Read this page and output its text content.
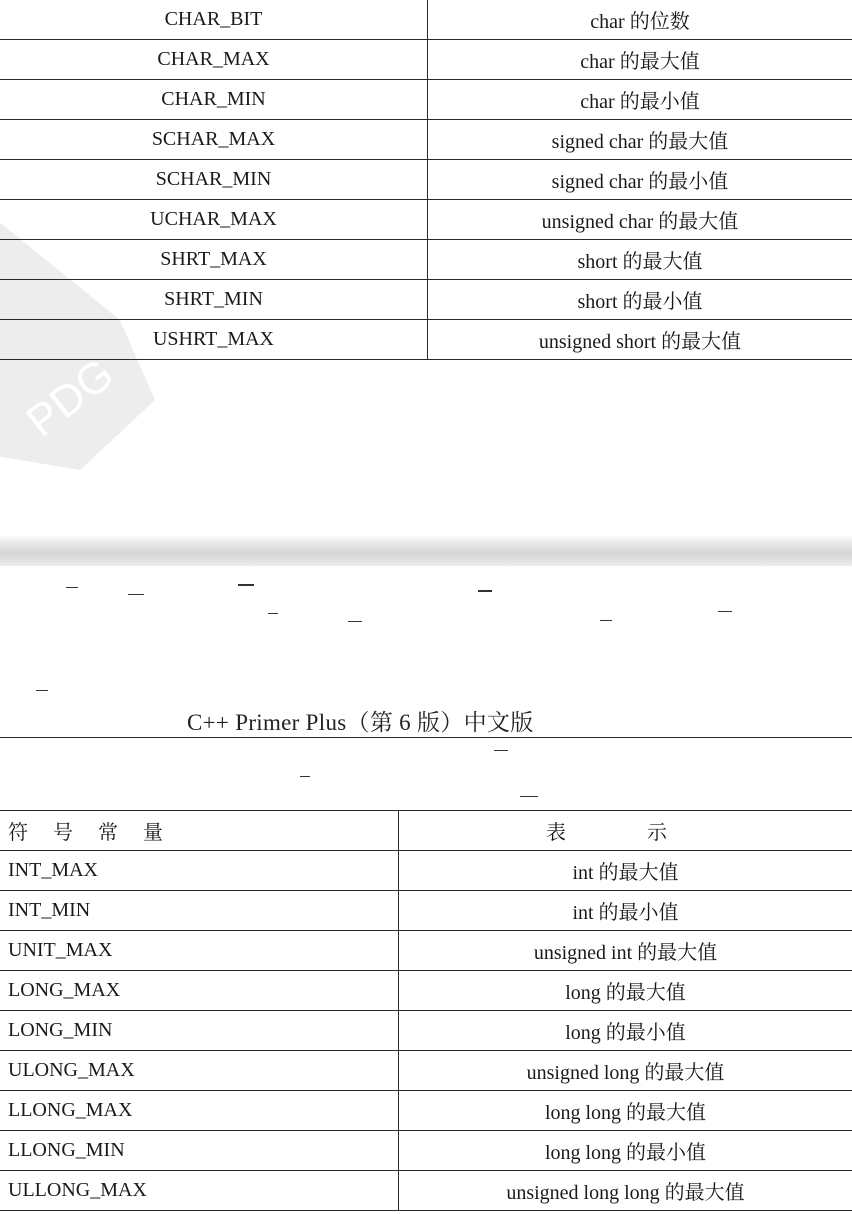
PDG
CHAR_BIT	char 的位数
CHAR_MAX	char 的最大值
CHAR_MIN	char 的最小值
SCHAR_MAX	signed char 的最大值
SCHAR_MIN	signed char 的最小值
UCHAR_MAX	unsigned char 的最大值
SHRT_MAX	short 的最大值
SHRT_MIN	short 的最小值
USHRT_MAX	unsigned short 的最大值
C++ Primer Plus（第 6 版）中文版
符 号 常 量	表 示
INT_MAX	int 的最大值
INT_MIN	int 的最小值
UNIT_MAX	unsigned int 的最大值
LONG_MAX	long 的最大值
LONG_MIN	long 的最小值
ULONG_MAX	unsigned long 的最大值
LLONG_MAX	long long 的最大值
LLONG_MIN	long long 的最小值
ULLONG_MAX	unsigned long long 的最大值
